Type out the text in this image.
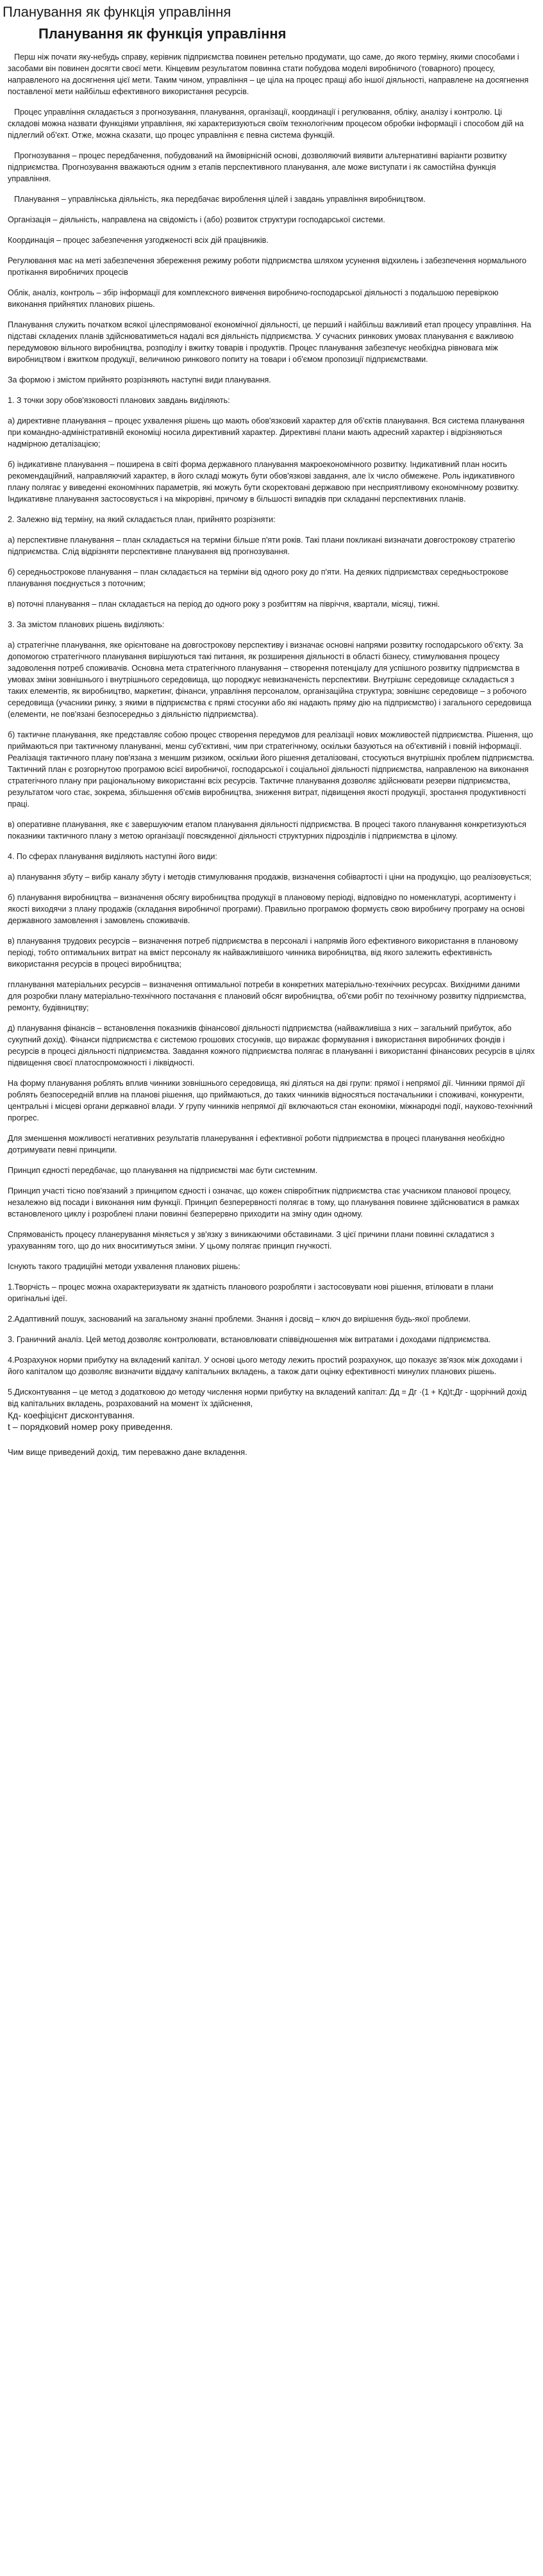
Планування як функція управління
Планування як функція управління

Перш ніж почати яку-небудь справу, керівник підприємства повинен ретельно продумати, що саме, до якого терміну, якими способами і засобами він повинен досягти своєї мети. Кінцевим результатом повинна стати побудова моделі виробничого (товарного) процесу, направленого на досягнення цієї мети. Таким чином, управління – це ціла на процес пращі або іншої діяльності, направлене на досягнення поставленої мети найбільш ефективного використання ресурсів.

Процес управління складається з прогнозування, планування, організації, координації і регулювання, обліку, аналізу і контролю. Ці складові можна назвати функціями управління, які характеризуються своїм технологічним процесом обробки інформації і способом дій на підлеглий об'єкт. Отже, можна сказати, що процес управління є певна система функцій.

Прогнозування – процес передбачення, побудований на ймовірнісній основі, дозволяючий виявити альтернативні варіанти розвитку підприємства. Прогнозування вважаються одним з етапів перспективного планування, але може виступати і як самостійна функція управління.

Планування – управлінська діяльність, яка передбачає вироблення цілей і завдань управління виробництвом.

Організація – діяльність, направлена на свідомість і (або) розвиток структури господарської системи.

Координація – процес забезпечення узгодженості всіх дій працівників.

Регулювання має на меті забезпечення збереження режиму роботи підприємства шляхом усунення відхилень і забезпечення нормального протікання виробничих процесів

Облік, аналіз, контроль – збір інформації для комплексного вивчення виробничо-господарської діяльності з подальшою перевіркою виконання прийнятих планових рішень.

Планування служить початком всякої цілеспрямованої економічної діяльності, це перший і найбільш важливий етап процесу управління. На підставі складених планів здійснюватиметься надалі вся діяльність підприємства. У сучасних ринкових умовах планування є важливою передумовою вільного виробництва, розподілу і вжитку товарів і продуктів. Процес планування забезпечує необхідна рівновага між виробництвом і вжитком продукції, величиною ринкового попиту на товари і об'ємом пропозиції підприємствами.

За формою і змістом прийнято розрізняють наступні види планування.

1. З точки зору обов'язковості планових завдань виділяють:

а) директивне планування – процес ухвалення рішень що мають обов'язковий характер для об'єктів планування. Вся система планування при командно-адміністративній економіці носила директивний характер. Директивні плани мають адресний характер і відрізняються надмірною деталізацією;

б) індикативне планування – поширена в світі форма державного планування макроекономічного розвитку. Індикативний план носить рекомендаційний, направляючий характер, в його складі можуть бути обов'язкові завдання, але їх число обмежене. Роль індикативного плану полягає у виведенні економічних параметрів, які можуть бути скоректовані державою при несприятливому економічному розвитку. Індикативне планування застосовується і на мікрорівні, причому в більшості випадків при складанні перспективних планів.

2. Залежно від терміну, на який складається план, прийнято розрізняти:

а) перспективне планування – план складається на терміни більше п'яти років. Такі плани покликані визначати довгострокову стратегію підприємства. Слід відрізняти перспективне планування від прогнозування.

б) середньострокове планування – план складається на терміни від одного року до п'яти. На деяких підприємствах середньострокове планування поєднується з поточним;

в) поточні планування – план складається на період до одного року з розбиттям на півріччя, квартали, місяці, тижні.

3. За змістом планових рішень виділяють:

а) стратегічне планування, яке орієнтоване на довгострокову перспективу і визначає основні напрями розвитку господарського об'єкту. За допомогою стратегічного планування вирішуються такі питання, як розширення діяльності в області бізнесу, стимулювання процесу задоволення потреб споживачів. Основна мета стратегічного планування – створення потенціалу для успішного розвитку підприємства в умовах зміни зовнішнього і внутрішнього середовища, що породжує невизначеність перспективи. Внутрішнє середовище складається з таких елементів, як виробництво, маркетинг, фінанси, управління персоналом, організаційна структура; зовнішнє середовище – з робочого середовища (учасники ринку, з якими в підприємства є прямі стосунки або які надають пряму дію на підприємство) і загального середовища (елементи, не пов'язані безпосередньо з діяльністю підприємства).

б) тактичне планування, яке представляє собою процес створення передумов для реалізації нових можливостей підприємства. Рішення, що приймаються при тактичному плануванні, менш суб'єктивні, чим при стратегічному, оскільки базуються на об'єктивній і повній інформації. Реалізація тактичного плану пов'язана з меншим ризиком, оскільки його рішення деталізовані, стосуються внутрішніх проблем підприємства. Тактичний план є розгорнутою програмою всієї виробничої, господарської і соціальної діяльності підприємства, направленою на виконання стратегічного плану при раціональному використанні всіх ресурсів. Тактичне планування дозволяє здійснювати резерви підприємства, результатом чого стає, зокрема, збільшення об'ємів виробництва, зниження витрат, підвищення якості продукції, зростання продуктивності праці.

в) оперативне планування, яке є завершуючим етапом планування діяльності підприємства. В процесі такого планування конкретизуються показники тактичного плану з метою організації повсякденної діяльності структурних підрозділів і підприємства в цілому.

4. По сферах планування виділяють наступні його види:

а) планування збуту – вибір каналу збуту і методів стимулювання продажів, визначення собівартості і ціни на продукцію, що реалізовується;

б) планування виробництва – визначення обсягу виробництва продукції в плановому періоді, відповідно по номенклатурі, асортименту і якості виходячи з плану продажів (складання виробничої програми). Правильно програмою формуєть свою виробничу програму на основі державного замовлення і замовлень споживачів.

в) планування трудових ресурсів – визначення потреб підприємства в персоналі і напрямів його ефективного використання в плановому періоді, тобто оптимальних витрат на вміст персоналу як найважливішого чинника виробництва, від якого залежить ефективність використання ресурсів в процесі виробництва;

гпланування матеріальних ресурсів – визначення оптимальної потреби в конкретних матеріально-технічних ресурсах. Вихідними даними для розробки плану матеріально-технічного постачання є плановий обсяг виробництва, об'єми робіт по технічному розвитку підприємства, ремонту, будівництву;

д) планування фінансів – встановлення показників фінансової діяльності підприємства (найважливіша з них – загальний прибуток, або сукупний дохід). Фінанси підприємства є системою грошових стосунків, що виражає формування і використання виробничих фондів і ресурсів в процесі діяльності підприємства. Завдання кожного підприємства полягає в плануванні і використанні фінансових ресурсів в цілях підвищення своєї платоспроможності і ліквідності.

На форму планування роблять вплив чинники зовнішнього середовища, які діляться на дві групи: прямої і непрямої дії. Чинники прямої дії роблять безпосередній вплив на планові рішення, що приймаються, до таких чинників відносяться постачальники і споживачі, конкуренти, центральні і місцеві органи державної влади. У групу чинників непрямої дії включаються стан економіки, міжнародні події, науково-технічний прогрес.

Для зменшення можливості негативних результатів планерування і ефективної роботи підприємства в процесі планування необхідно дотримувати певні принципи.

Принцип єдності передбачає, що планування на підприємстві має бути системним.

Принцип участі тісно пов'язаний з принципом єдності і означає, що кожен співробітник підприємства стає учасником планової процесу, незалежно від посади і виконання ним функції. Принцип безперервності полягає в тому, що планування повинне здійснюватися в рамках встановленого циклу і розроблені плани повинні безперервно приходити на зміну один одному.

Спрямованість процесу планерування міняється у зв'язку з виникаючими обставинами. З цієї причини плани повинні складатися з урахуванням того, що до них вноситимуться зміни. У цьому полягає принцип гнучкості.

Існують такого традиційні методи ухвалення планових рішень:

1.Творчість – процес можна охарактеризувати як здатність планового розробляти і застосовувати нові рішення, втілювати в плани оригінальні ідеї.

2.Адаптивний пошук, заснований на загальному знанні проблеми. Знання і досвід – ключ до вирішення будь-якої проблеми.

3. Граничний аналіз. Цей метод дозволяє контролювати, встановлювати співвідношення між витратами і доходами підприємства.

4.Розрахунок норми прибутку на вкладений капітал. У основі цього методу лежить простий розрахунок, що показує зв'язок між доходами і його капіталом що дозволяє визначити віддачу капітальних вкладень, а також дати оцінку ефективності минулих планових рішень.

5.Дисконтування – це метод з додатковою до методу числення норми прибутку на вкладений капітал: Дд = Дг ·(1 + Кд)t;Дг - щорічний дохід від капітальних вкладень, розрахований на момент їх здійснення,

Кд- коефіцієнт дисконтування.
t – порядковий номер року приведення.

Чим вище приведений дохід, тим переважно дане вкладення.
